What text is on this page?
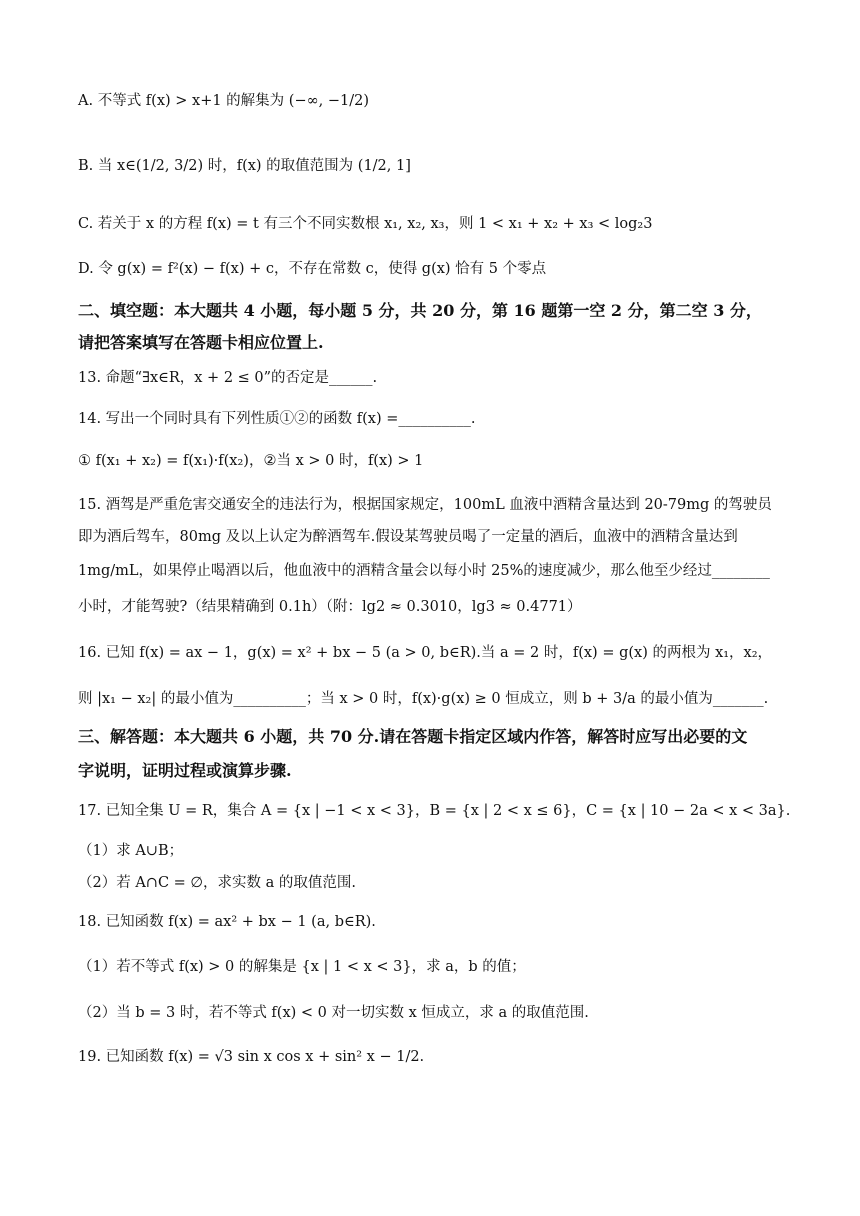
A. 不等式 f(x) > x+1 的解集为 (−∞, −1/2)
B. 当 x∈(1/2, 3/2) 时，f(x) 的取值范围为 (1/2, 1]
C. 若关于 x 的方程 f(x) = t 有三个不同实数根 x₁, x₂, x₃，则 1 < x₁ + x₂ + x₃ < log₂3
D. 令 g(x) = f²(x) − f(x) + c，不存在常数 c，使得 g(x) 恰有 5 个零点
二、填空题：本大题共 4 小题，每小题 5 分，共 20 分，第 16 题第一空 2 分，第二空 3 分，
请把答案填写在答题卡相应位置上.
13. 命题“∃x∈R，x + 2 ≤ 0”的否定是______.
14. 写出一个同时具有下列性质①②的函数 f(x) =__________.
① f(x₁ + x₂) = f(x₁)·f(x₂)，②当 x > 0 时，f(x) > 1
15. 酒驾是严重危害交通安全的违法行为，根据国家规定，100mL 血液中酒精含量达到 20-79mg 的驾驶员
即为酒后驾车，80mg 及以上认定为醉酒驾车.假设某驾驶员喝了一定量的酒后，血液中的酒精含量达到
1mg/mL，如果停止喝酒以后，他血液中的酒精含量会以每小时 25%的速度减少，那么他至少经过________
小时，才能驾驶?（结果精确到 0.1h）（附：lg2 ≈ 0.3010，lg3 ≈ 0.4771）
16. 已知 f(x) = ax − 1，g(x) = x² + bx − 5 (a > 0, b∈R).当 a = 2 时，f(x) = g(x) 的两根为 x₁，x₂，
则 |x₁ − x₂| 的最小值为__________；当 x > 0 时，f(x)·g(x) ≥ 0 恒成立，则 b + 3/a 的最小值为_______.
三、解答题：本大题共 6 小题，共 70 分.请在答题卡指定区域内作答，解答时应写出必要的文
字说明，证明过程或演算步骤.
17. 已知全集 U = R，集合 A = {x | −1 < x < 3}，B = {x | 2 < x ≤ 6}，C = {x | 10 − 2a < x < 3a}.
（1）求 A∪B；
（2）若 A∩C = ∅，求实数 a 的取值范围.
18. 已知函数 f(x) = ax² + bx − 1 (a, b∈R).
（1）若不等式 f(x) > 0 的解集是 {x | 1 < x < 3}，求 a，b 的值；
（2）当 b = 3 时，若不等式 f(x) < 0 对一切实数 x 恒成立，求 a 的取值范围.
19. 已知函数 f(x) = √3 sin x cos x + sin² x − 1/2.
